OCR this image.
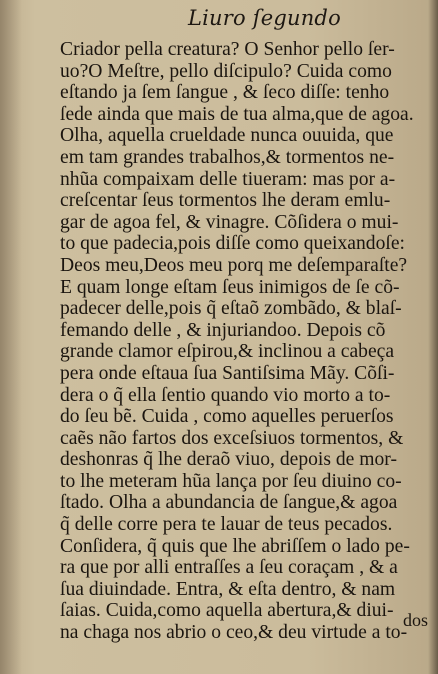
Liuro ſegundo
Criador pella creatura? O Senhor pello ſer-
uo?O Meſtre, pello diſcipulo? Cuida como
eſtando ja ſem ſangue , & ſeco diſſe: tenho
ſede ainda que mais de tua alma,que de agoa.
Olha, aquella crueldade nunca ouuida, que
em tam grandes trabalhos,& tormentos ne-
nhũa compaixam delle tiueram: mas por a-
creſcentar ſeus tormentos lhe deram emlu-
gar de agoa fel, & vinagre. Cõſidera o mui-
to que padecia,pois diſſe como queixandoſe:
Deos meu,Deos meu porq me deſemparaſte?
E quam longe eſtam ſeus inimigos de ſe cõ-
padecer delle,pois q̃ eſtaõ zombãdo, & blaſ-
femando delle , & injuriandoo. Depois cõ
grande clamor eſpirou,& inclinou a cabeça
pera onde eſtaua ſua Santiſsima Mãy. Cõſi-
dera o q̃ ella ſentio quando vio morto a to-
do ſeu bẽ. Cuida , como aquelles peruerſos
caẽs não fartos dos exceſsiuos tormentos, &
deshonras q̃ lhe deraõ viuo, depois de mor-
to lhe meteram hũa lança por ſeu diuino co-
ſtado. Olha a abundancia de ſangue,& agoa
q̃ delle corre pera te lauar de teus pecados.
Conſidera, q̃ quis que lhe abriſſem o lado pe-
ra que por alli entraſſes a ſeu coraçam , & a
ſua diuindade. Entra, & eſta dentro, & nam
ſaias. Cuida,como aquella abertura,& diui-
na chaga nos abrio o ceo,& deu virtude a to-
dos
